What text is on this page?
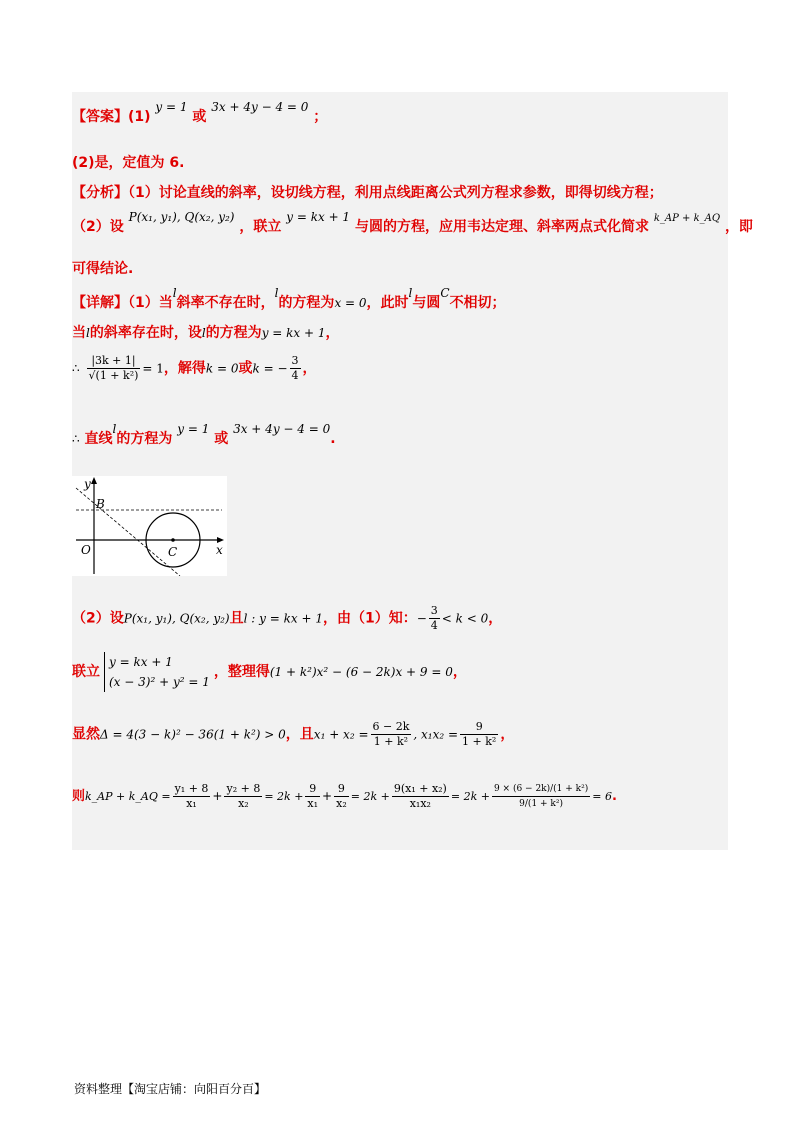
【答案】(1) y = 1 或 3x + 4y − 4 = 0 ；
(2)是，定值为 6.
【分析】（1）讨论直线的斜率，设切线方程，利用点线距离公式列方程求参数，即得切线方程；
（2）设 P(x₁, y₁), Q(x₂, y₂) ，联立 y = kx + 1 与圆的方程，应用韦达定理、斜率两点式化简求 $^{k\_AP + k\_AQ}$ ，即
可得结论.
【详解】（1）当l斜率不存在时，l的方程为x = 0，此时l与圆C不相切；
当l的斜率存在时，设l的方程为y = kx + 1，
∴ $\frac{|3k + 1|}{\text{√(1 + k²)}} = 1$，解得k = 0或k = − $\frac{3}{4}$ ，
∴ 直线l的方程为 y = 1 或 3x + 4y − 4 = 0.
y
x
O
B
C
（2）设P(x₁, y₁), Q(x₂, y₂)且l : y = kx + 1，由（1）知：− $\frac{3}{4} < k < 0$，
联立
y = kx + 1
(x − 3)² + y² = 1
，整理得(1 + k²)x² − (6 − 2k)x + 9 = 0，
显然Δ = 4(3 − k)² − 36(1 + k²) > 0，且$x_1 + x_2 = \frac{6 - 2k}{\text{1 + k²}}$ , $x_1x_2 = \frac{9}{\text{1 + k²}}$ ，
则k_AP + k_AQ = $\frac{\text{y₁ + 8}}{\text{x₁}} + \frac{\text{y₂ + 8}}{\text{x₂}} = 2k + \frac{9}{\text{x₁}} + \frac{9}{\text{x₂}} = 2k + \frac{\text{9(x₁ + x₂)}}{\text{x₁x₂}} = 2k + \frac{\text{9 × (6 − 2k)/(1 + k²)}}{\text{9/(1 + k²)}} = 6$.
资料整理【淘宝店铺：向阳百分百】
